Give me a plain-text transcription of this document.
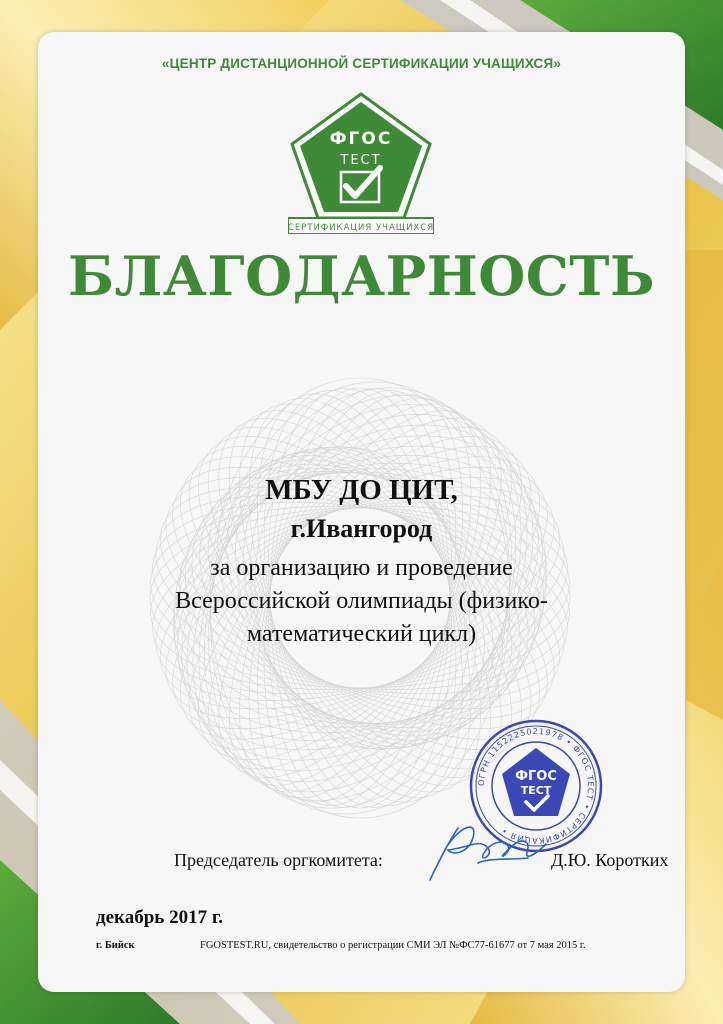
«ЦЕНТР ДИСТАНЦИОННОЙ СЕРТИФИКАЦИИ УЧАЩИХСЯ»
ФГОС
ТЕСТ
СЕРТИФИКАЦИЯ УЧАЩИХСЯ
БЛАГОДАРНОСТЬ
МБУ ДО ЦИТ,
г.Ивангород
за организацию и проведение
Всероссийской олимпиады (физико-
математический цикл)
ОГРН 1152225021978 • ФГОС ТЕСТ • СЕРТИФИКАЦИЯ •
ФГОС
ТЕСТ
Председатель оргкомитета:	Д.Ю. Коротких
декабрь 2017 г.
г. Бийск	FGOSTEST.RU, свидетельство о регистрации СМИ ЭЛ №ФС77-61677 от 7 мая 2015 г.
